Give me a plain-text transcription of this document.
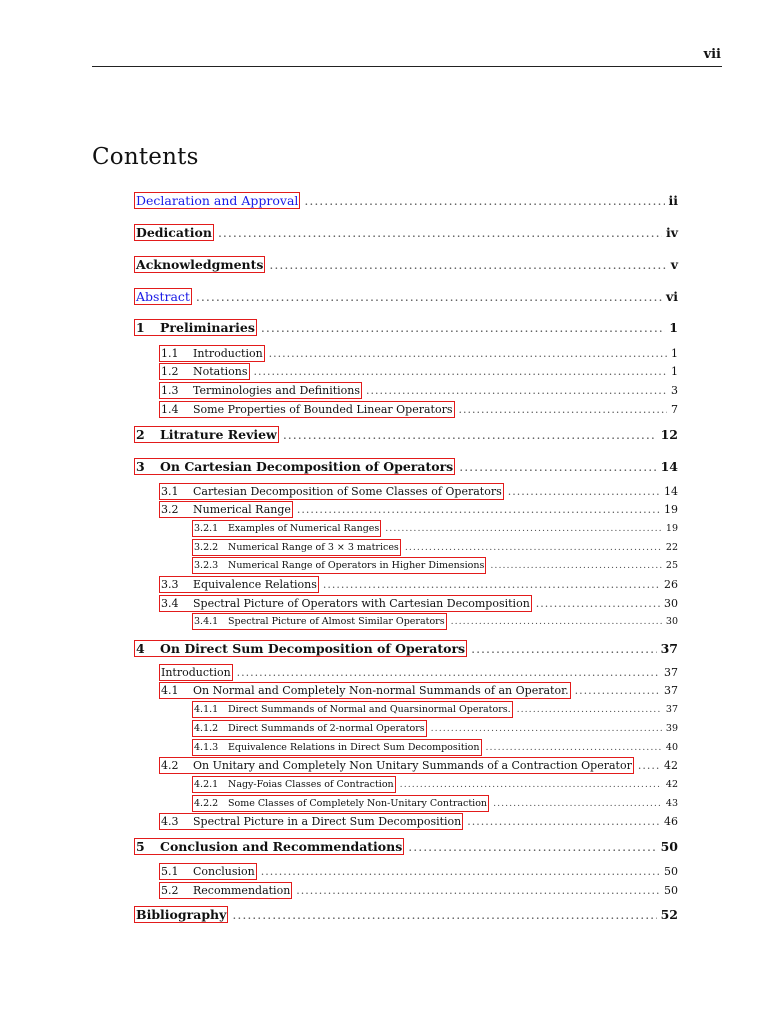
vii
Contents
Declaration and Approval .....	ii
Dedication .....	iv
Acknowledgments .....	v
Abstract .....	vi
1	Preliminaries .....	1
1.1	Introduction .....	1
1.2	Notations .....	1
1.3	Terminologies and Definitions .....	3
1.4	Some Properties of Bounded Linear Operators .....	7
2	Litrature Review .....	12
3	On Cartesian Decomposition of Operators .....	14
3.1	Cartesian Decomposition of Some Classes of Operators .....	14
3.2	Numerical Range .....	19
3.2.1	Examples of Numerical Ranges .....	19
3.2.2	Numerical Range of 3 × 3 matrices .....	22
3.2.3	Numerical Range of Operators in Higher Dimensions .....	25
3.3	Equivalence Relations .....	26
3.4	Spectral Picture of Operators with Cartesian Decomposition .....	30
3.4.1	Spectral Picture of Almost Similar Operators .....	30
4	On Direct Sum Decomposition of Operators .....	37
Introduction .....	37
4.1	On Normal and Completely Non-normal Summands of an Operator. .....	37
4.1.1	Direct Summands of Normal and Quarsinormal Operators. .....	37
4.1.2	Direct Summands of 2-normal Operators .....	39
4.1.3	Equivalence Relations in Direct Sum Decomposition .....	40
4.2	On Unitary and Completely Non Unitary Summands of a Contraction Operator .....	42
4.2.1	Nagy-Foias Classes of Contraction .....	42
4.2.2	Some Classes of Completely Non-Unitary Contraction .....	43
4.3	Spectral Picture in a Direct Sum Decomposition .....	46
5	Conclusion and Recommendations .....	50
5.1	Conclusion .....	50
5.2	Recommendation .....	50
Bibliography .....	52
